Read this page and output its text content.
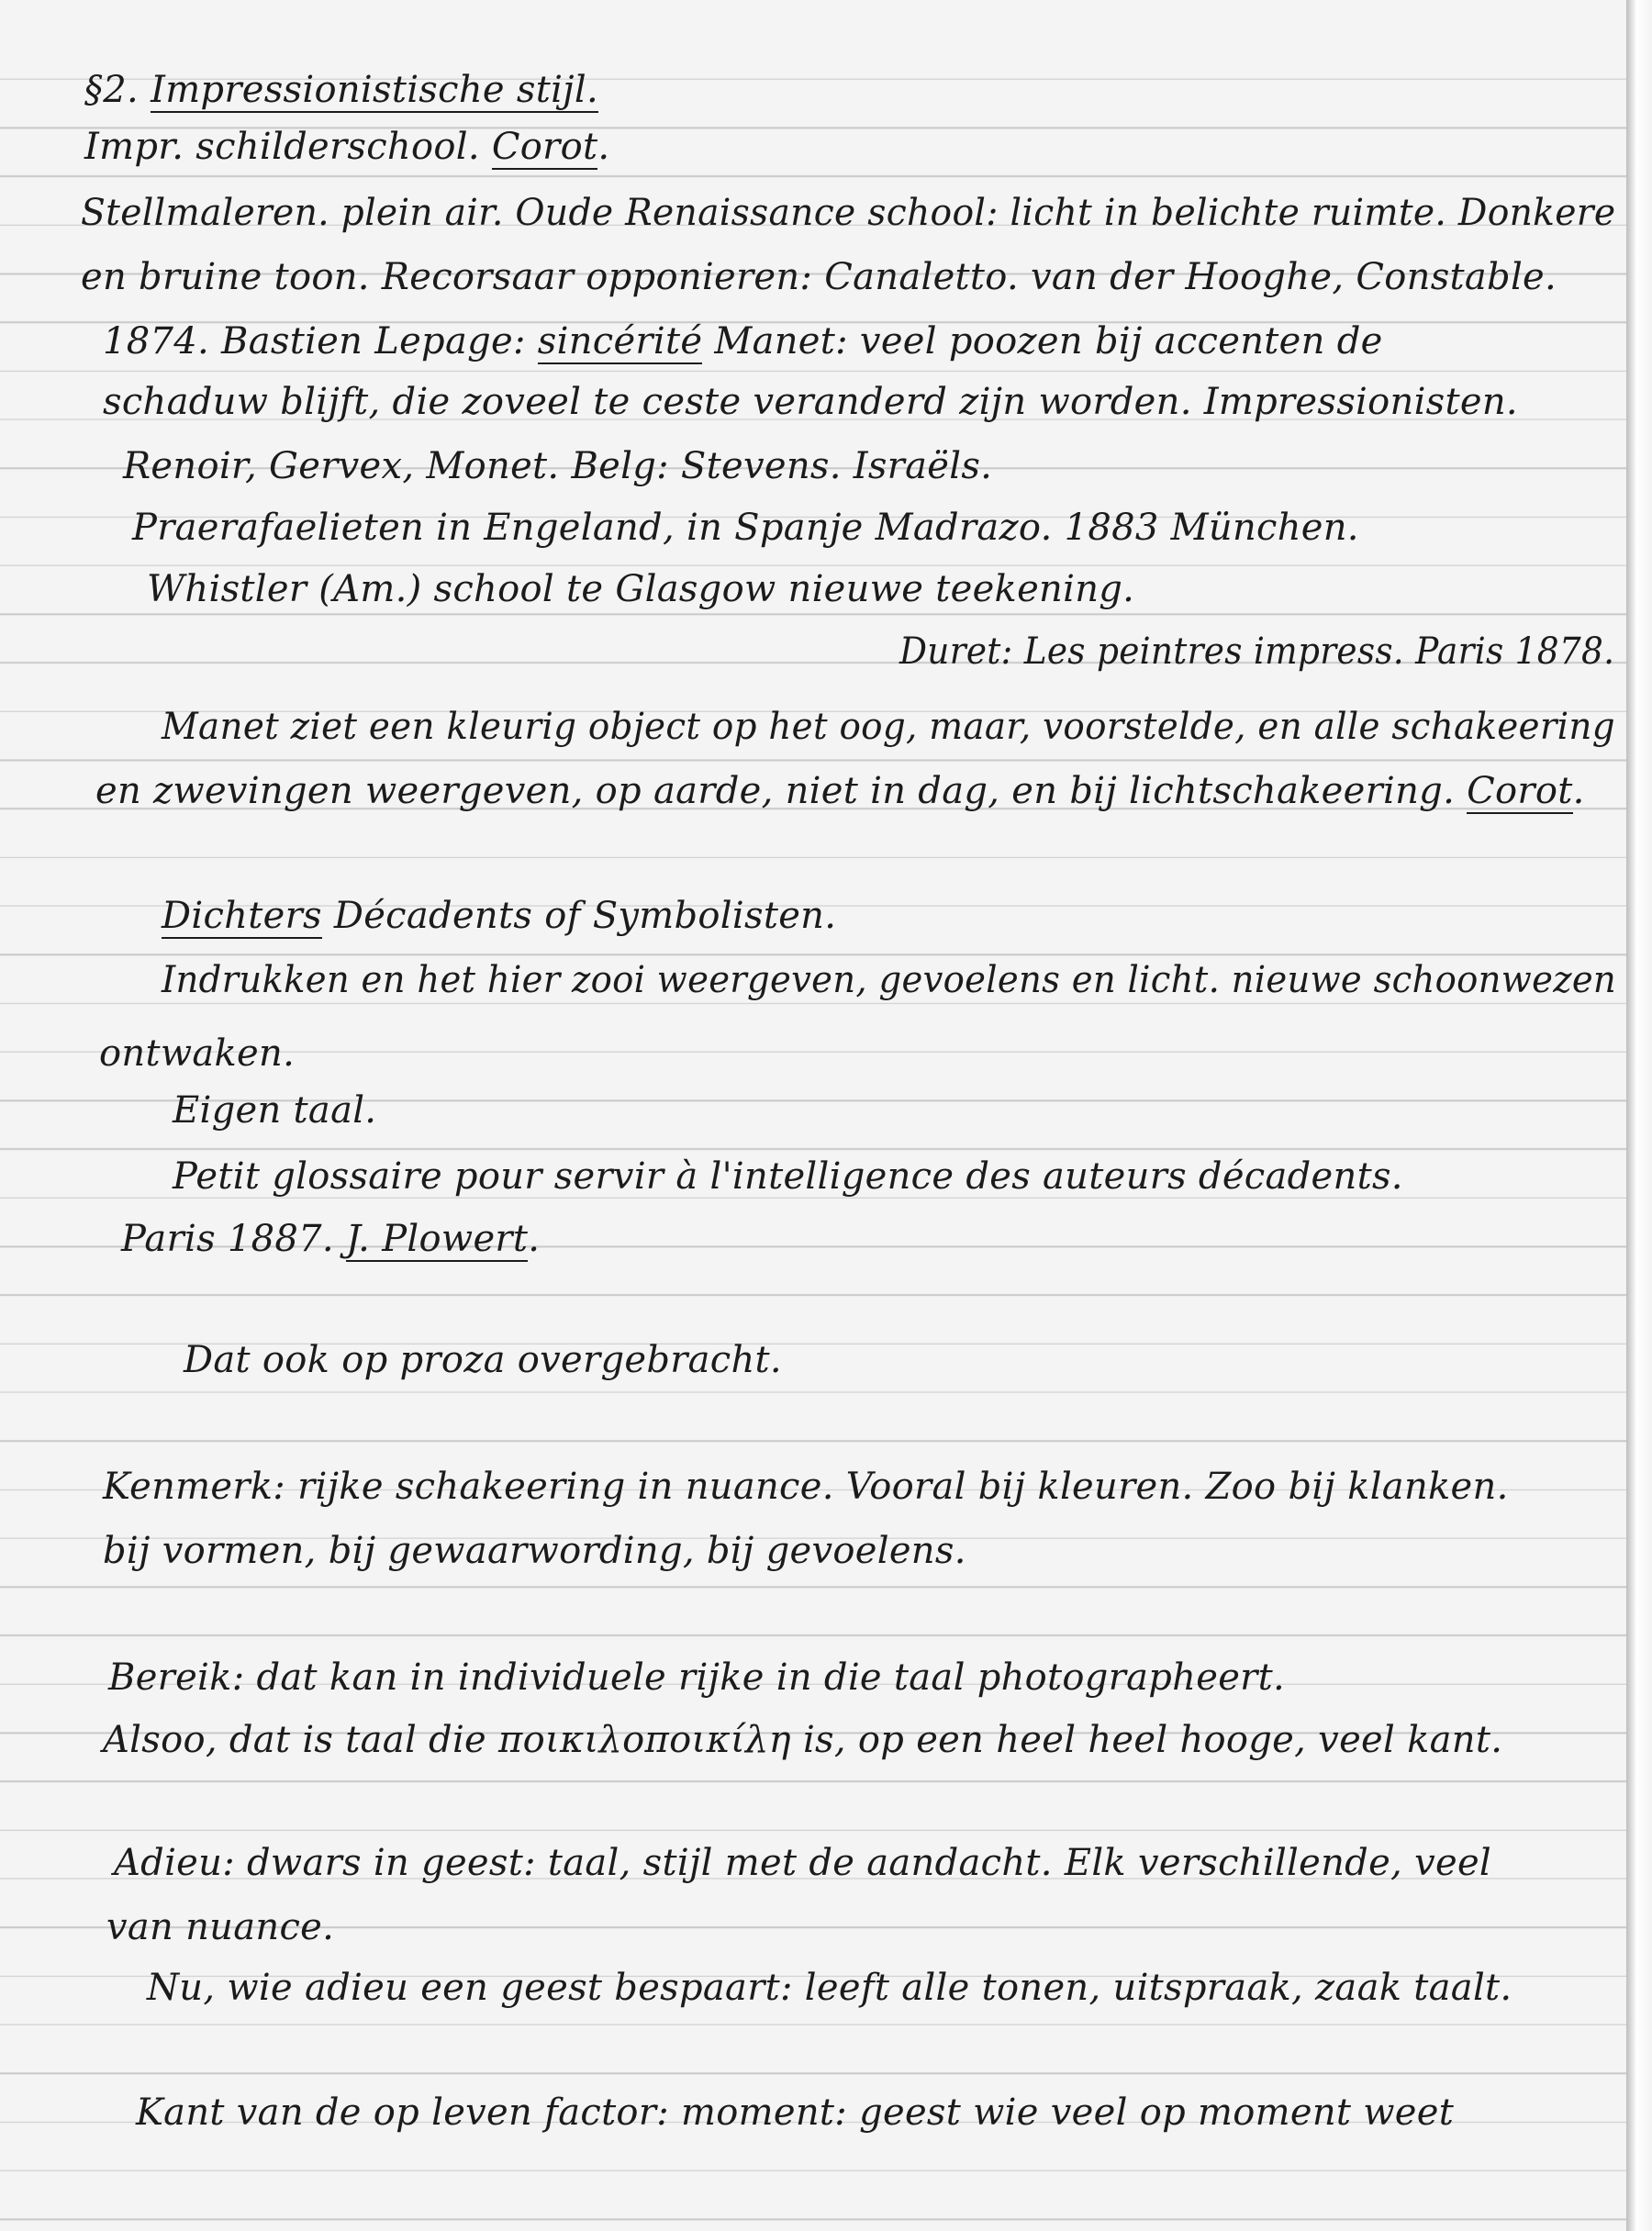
§2. Impressionistische stijl.
Impr. schilderschool. Corot.
Stellmaleren. plein air. Oude Renaissance school: licht in belichte ruimte. Donkere
en bruine toon. Recorsaar opponieren: Canaletto. van der Hooghe, Constable.
1874. Bastien Lepage: sincérité Manet: veel poozen bij accenten de
schaduw blijft, die zoveel te ceste veranderd zijn worden. Impressionisten.
Renoir, Gervex, Monet. Belg: Stevens. Israëls.
Praerafaelieten in Engeland, in Spanje Madrazo. 1883 München.
Whistler (Am.) school te Glasgow nieuwe teekening.
Duret: Les peintres impress. Paris 1878.
Manet ziet een kleurig object op het oog, maar, voorstelde, en alle schakeering
en zwevingen weergeven, op aarde, niet in dag, en bij lichtschakeering. Corot.
Dichters Décadents of Symbolisten.
Indrukken en het hier zooi weergeven, gevoelens en licht. nieuwe schoonwezen
ontwaken.
Eigen taal.
Petit glossaire pour servir à l'intelligence des auteurs décadents.
Paris 1887. J. Plowert.
Dat ook op proza overgebracht.
Kenmerk: rijke schakeering in nuance. Vooral bij kleuren. Zoo bij klanken.
bij vormen, bij gewaarwording, bij gevoelens.
Bereik: dat kan in individuele rijke in die taal photographeert.
Alsoo, dat is taal die ποικιλοποικίλη is, op een heel heel hooge, veel kant.
Adieu: dwars in geest: taal, stijl met de aandacht. Elk verschillende, veel
van nuance.
Nu, wie adieu een geest bespaart: leeft alle tonen, uitspraak, zaak taalt.
Kant van de op leven factor: moment: geest wie veel op moment weet
